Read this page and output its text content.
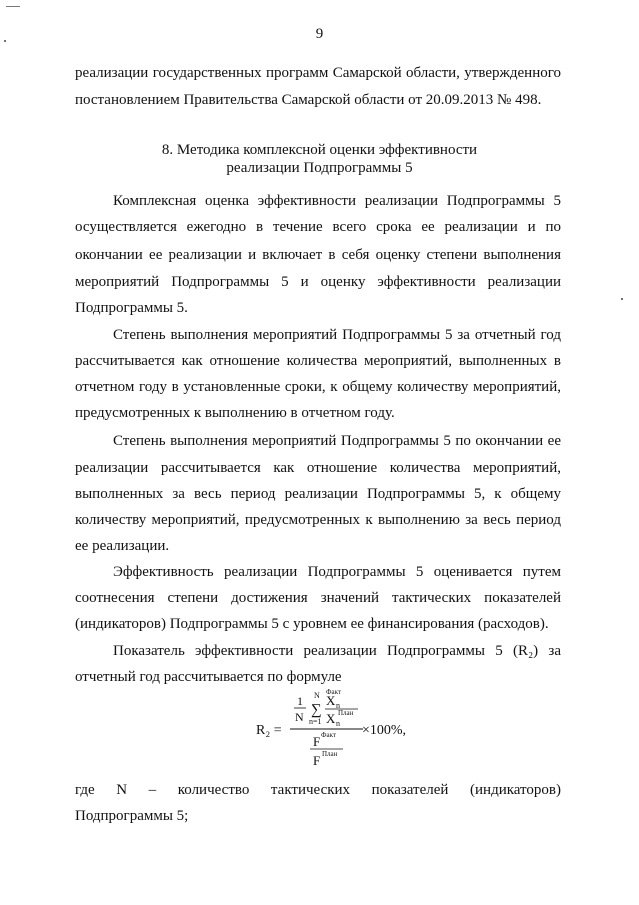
9
реализации государственных программ Самарской области, утвержденного
постановлением Правительства Самарской области от 20.09.2013 № 498.
8. Методика комплексной оценки эффективности
реализации Подпрограммы 5
Комплексная оценка эффективности реализации Подпрограммы 5
осуществляется ежегодно в течение всего срока ее реализации и по
окончании ее реализации и включает в себя оценку степени выполнения
мероприятий Подпрограммы 5 и оценку эффективности реализации
Подпрограммы 5.
Степень выполнения мероприятий Подпрограммы 5 за отчетный год
рассчитывается как отношение количества мероприятий, выполненных в
отчетном году в установленные сроки, к общему количеству мероприятий,
предусмотренных к выполнению в отчетном году.
Степень выполнения мероприятий Подпрограммы 5 по окончании ее
реализации рассчитывается как отношение количества мероприятий,
выполненных за весь период реализации Подпрограммы 5, к общему
количеству мероприятий, предусмотренных к выполнению за весь период
ее реализации.
Эффективность реализации Подпрограммы 5 оценивается путем
соотнесения степени достижения значений тактических показателей
(индикаторов) Подпрограммы 5 с уровнем ее финансирования (расходов).
Показатель эффективности реализации Подпрограммы 5 (R₂) за
отчетный год рассчитывается по формуле
R₂ =
1
N
N
∑
n=1
Факт
X n
План
X n
Факт
F
План
F
×100%,
где N – количество тактических показателей (индикаторов)
Подпрограммы 5;
